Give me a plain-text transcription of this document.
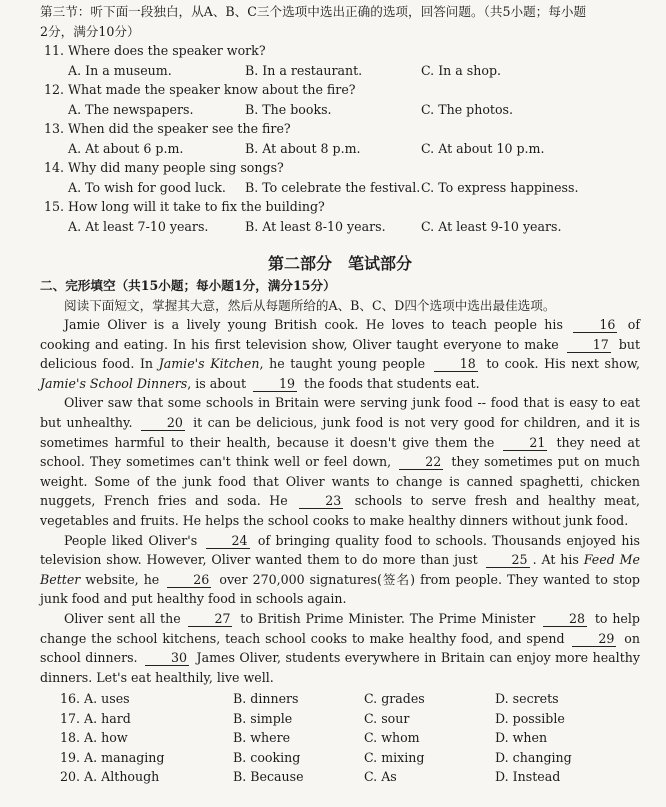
第三节：听下面一段独白，从A、B、C三个选项中选出正确的选项，回答问题。（共5小题；每小题
2分，满分10分）
11. Where does the speaker work?
A. In a museum.	B. In a restaurant.	C. In a shop.
12. What made the speaker know about the fire?
A. The newspapers.	B. The books.	C. The photos.
13. When did the speaker see the fire?
A. At about 6 p.m.	B. At about 8 p.m.	C. At about 10 p.m.
14. Why did many people sing songs?
A. To wish for good luck.	B. To celebrate the festival. C. To express happiness.
15. How long will it take to fix the building?
A. At least 7-10 years.	B. At least 8-10 years.	C. At least 9-10 years.
第二部分　笔试部分
二、完形填空（共15小题；每小题1分，满分15分）
阅读下面短文，掌握其大意，然后从每题所给的A、B、C、D四个选项中选出最佳选项。
Jamie Oliver is a lively young British cook. He loves to teach people his	16 of cooking and eating. In his first television show, Oliver taught everyone to make	17 but delicious food. In Jamie's Kitchen, he taught young people	18 to cook. His next show, Jamie's School Dinners, is about	19 the foods that students eat.
Oliver saw that some schools in Britain were serving junk food -- food that is easy to eat but unhealthy.	20 it can be delicious, junk food is not very good for children, and it is sometimes harmful to their health, because it doesn't give them the	21 they need at school. They sometimes can't think well or feel down,	22 they sometimes put on much weight. Some of the junk food that Oliver wants to change is canned spaghetti, chicken nuggets, French fries and soda. He	23 schools to serve fresh and healthy meat, vegetables and fruits. He helps the school cooks to make healthy dinners without junk food.
People liked Oliver's	24 of bringing quality food to schools. Thousands enjoyed his television show. However, Oliver wanted them to do more than just	25 . At his Feed Me Better website, he	26 over 270,000 signatures(签名) from people. They wanted to stop junk food and put healthy food in schools again.
Oliver sent all the	27 to British Prime Minister. The Prime Minister	28 to help change the school kitchens, teach school cooks to make healthy food, and spend	29 on school dinners.	30 James Oliver, students everywhere in Britain can enjoy more healthy dinners. Let's eat healthily, live well.
16. A. uses	B. dinners	C. grades	D. secrets
17. A. hard	B. simple	C. sour	D. possible
18. A. how	B. where	C. whom	D. when
19. A. managing	B. cooking	C. mixing	D. changing
20. A. Although	B. Because	C. As	D. Instead
